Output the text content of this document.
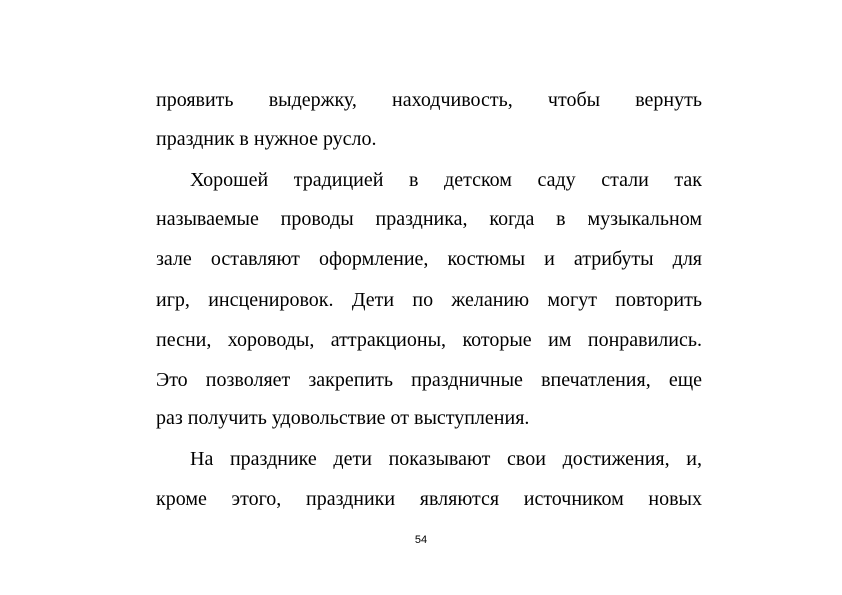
проявить выдержку, находчивость, чтобы вернуть
праздник в нужное русло.
Хорошей традицией в детском саду стали так
называемые проводы праздника, когда в музыкальном
зале оставляют оформление, костюмы и атрибуты для
игр, инсценировок. Дети по желанию могут повторить
песни, хороводы, аттракционы, которые им понравились.
Это позволяет закрепить праздничные впечатления, еще
раз получить удовольствие от выступления.
На празднике дети показывают свои достижения, и,
кроме этого, праздники являются источником новых
54
